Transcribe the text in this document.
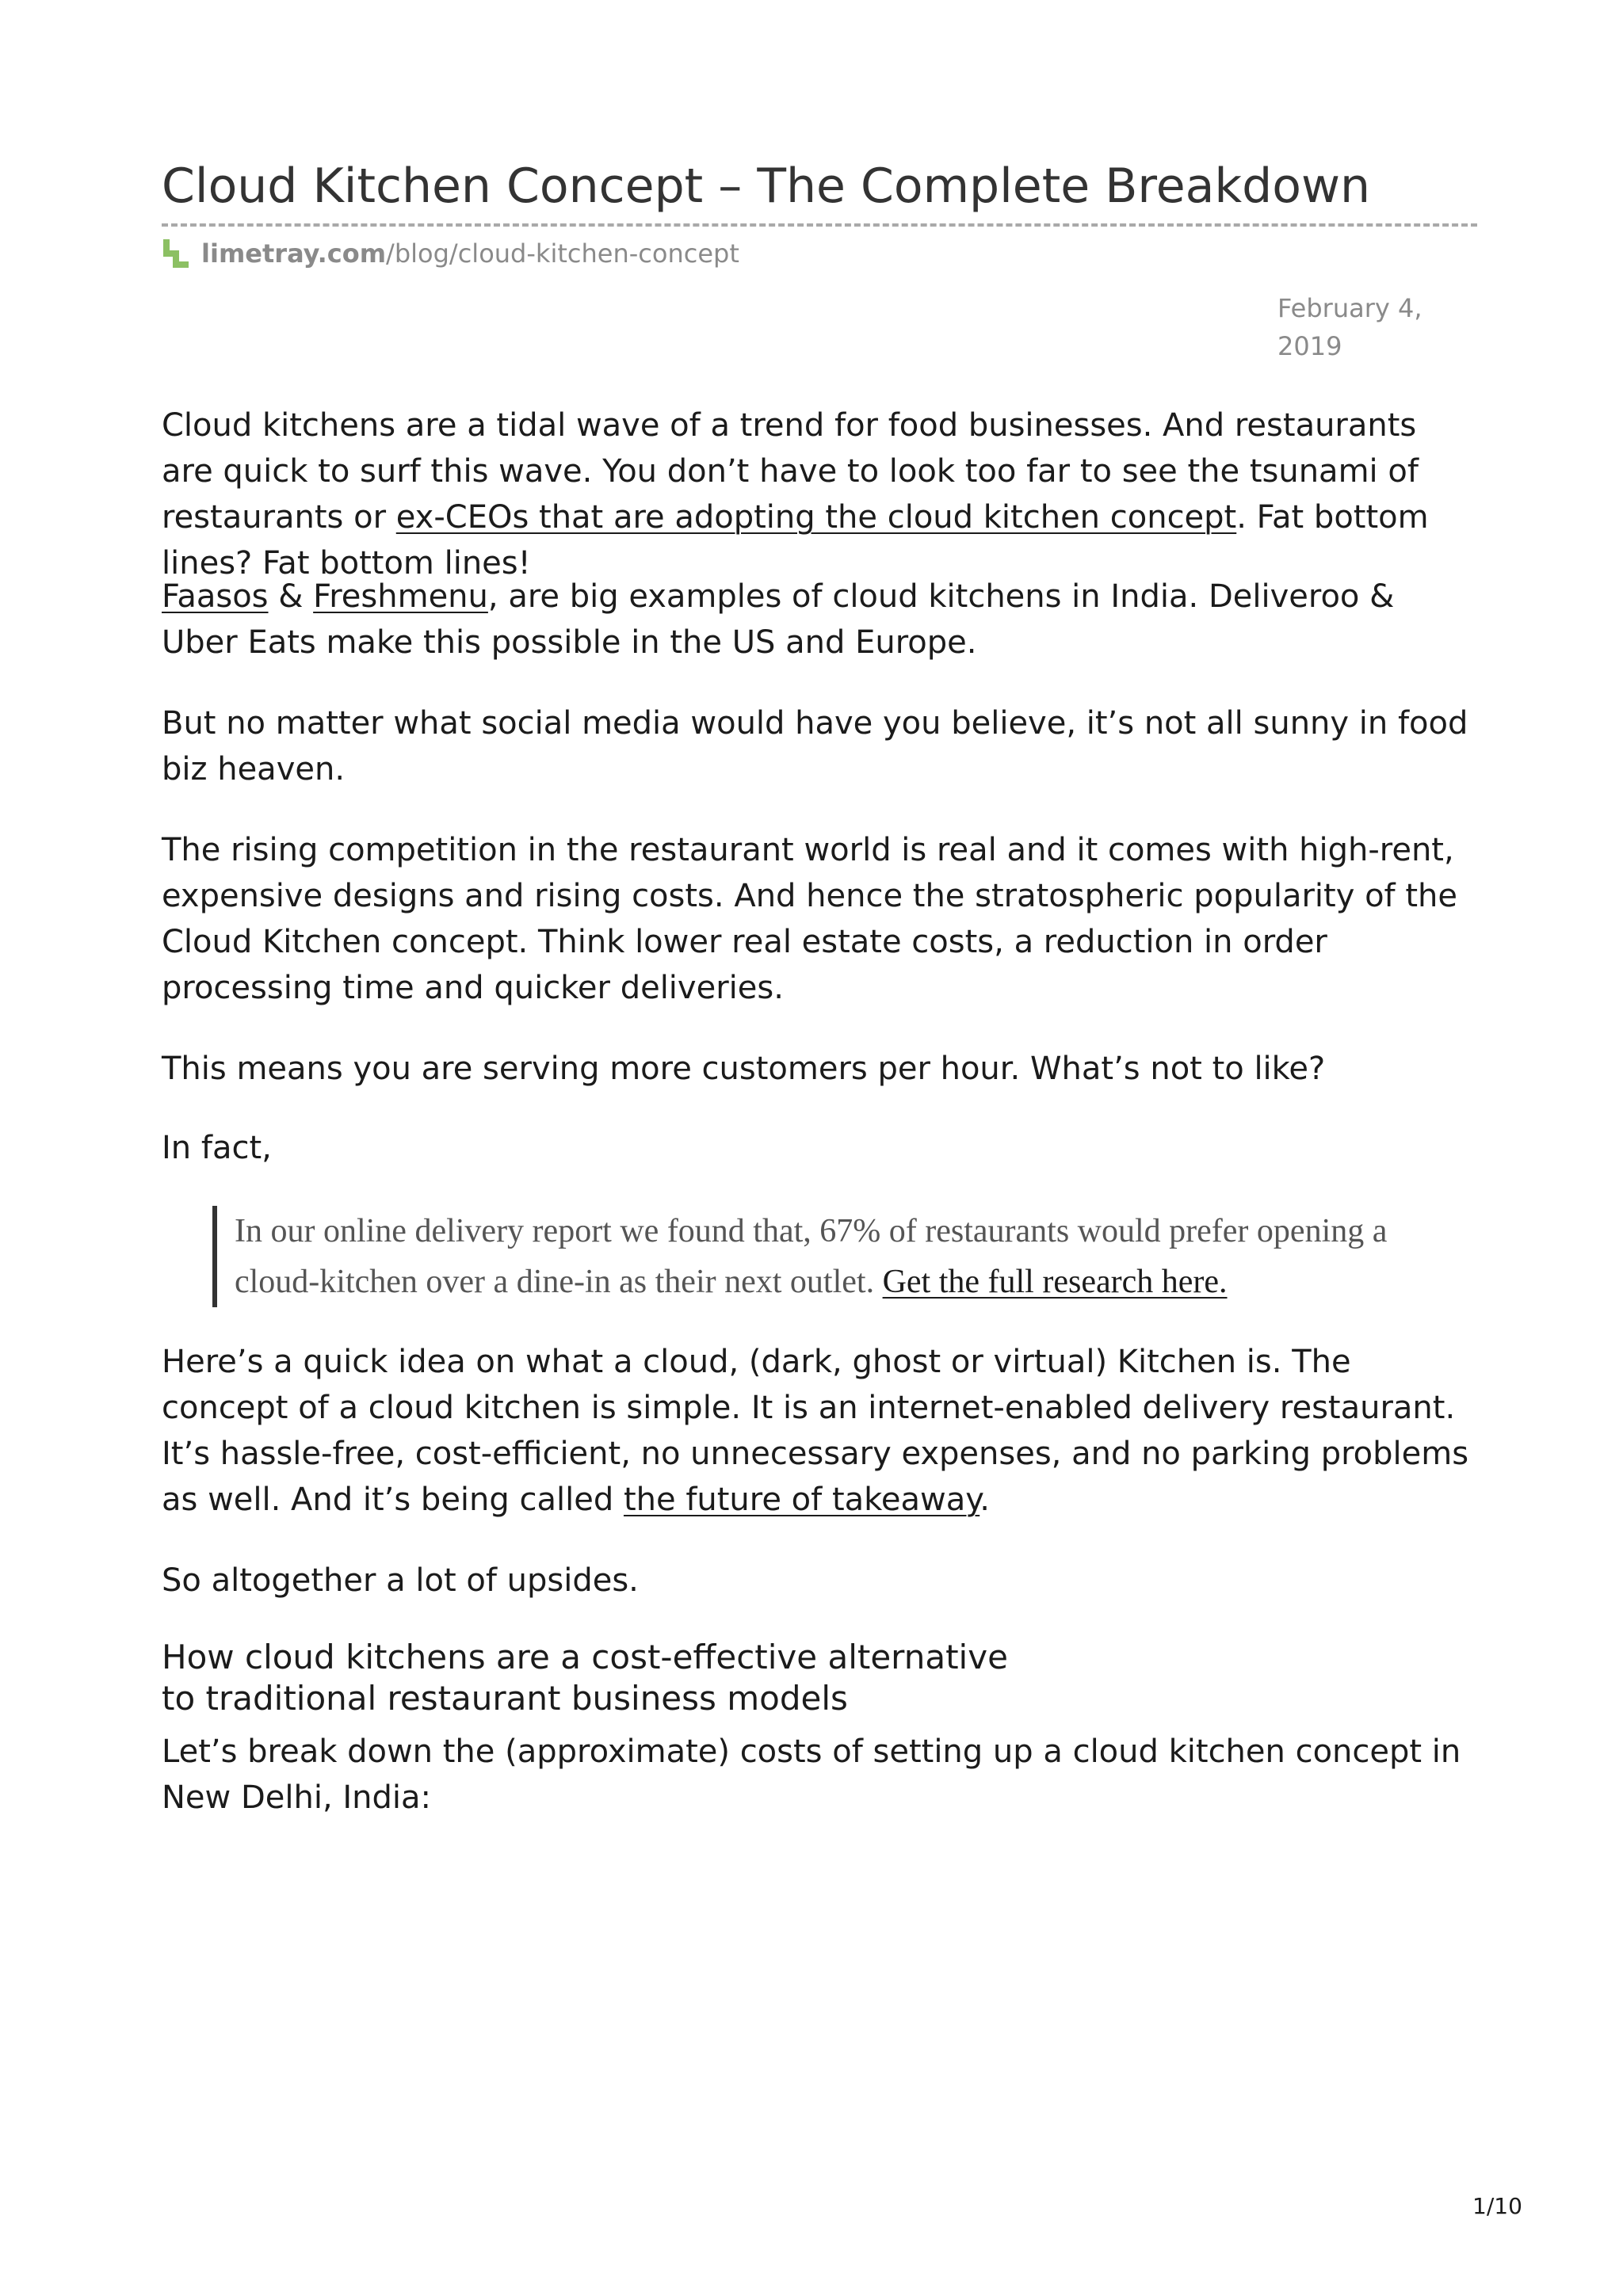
Cloud Kitchen Concept – The Complete Breakdown
limetray.com /blog/cloud-kitchen-concept
February 4, 2019

Cloud kitchens are a tidal wave of a trend for food businesses. And restaurants are quick to surf this wave. You don’t have to look too far to see the tsunami of restaurants or ex-CEOs that are adopting the cloud kitchen concept. Fat bottom lines? Fat bottom lines!

Faasos & Freshmenu, are big examples of cloud kitchens in India. Deliveroo & Uber Eats make this possible in the US and Europe.

But no matter what social media would have you believe, it’s not all sunny in food biz heaven.

The rising competition in the restaurant world is real and it comes with high-rent, expensive designs and rising costs. And hence the stratospheric popularity of the Cloud Kitchen concept. Think lower real estate costs, a reduction in order processing time and quicker deliveries.

This means you are serving more customers per hour. What’s not to like?

In fact,

In our online delivery report we found that, 67% of restaurants would prefer opening a cloud-kitchen over a dine-in as their next outlet. Get the full research here.

Here’s a quick idea on what a cloud, (dark, ghost or virtual) Kitchen is. The concept of a cloud kitchen is simple. It is an internet-enabled delivery restaurant. It’s hassle-free, cost-efficient, no unnecessary expenses, and no parking problems as well. And it’s being called the future of takeaway.

So altogether a lot of upsides.

How cloud kitchens are a cost-effective alternative
to traditional restaurant business models

Let’s break down the (approximate) costs of setting up a cloud kitchen concept in New Delhi, India:

1/10
